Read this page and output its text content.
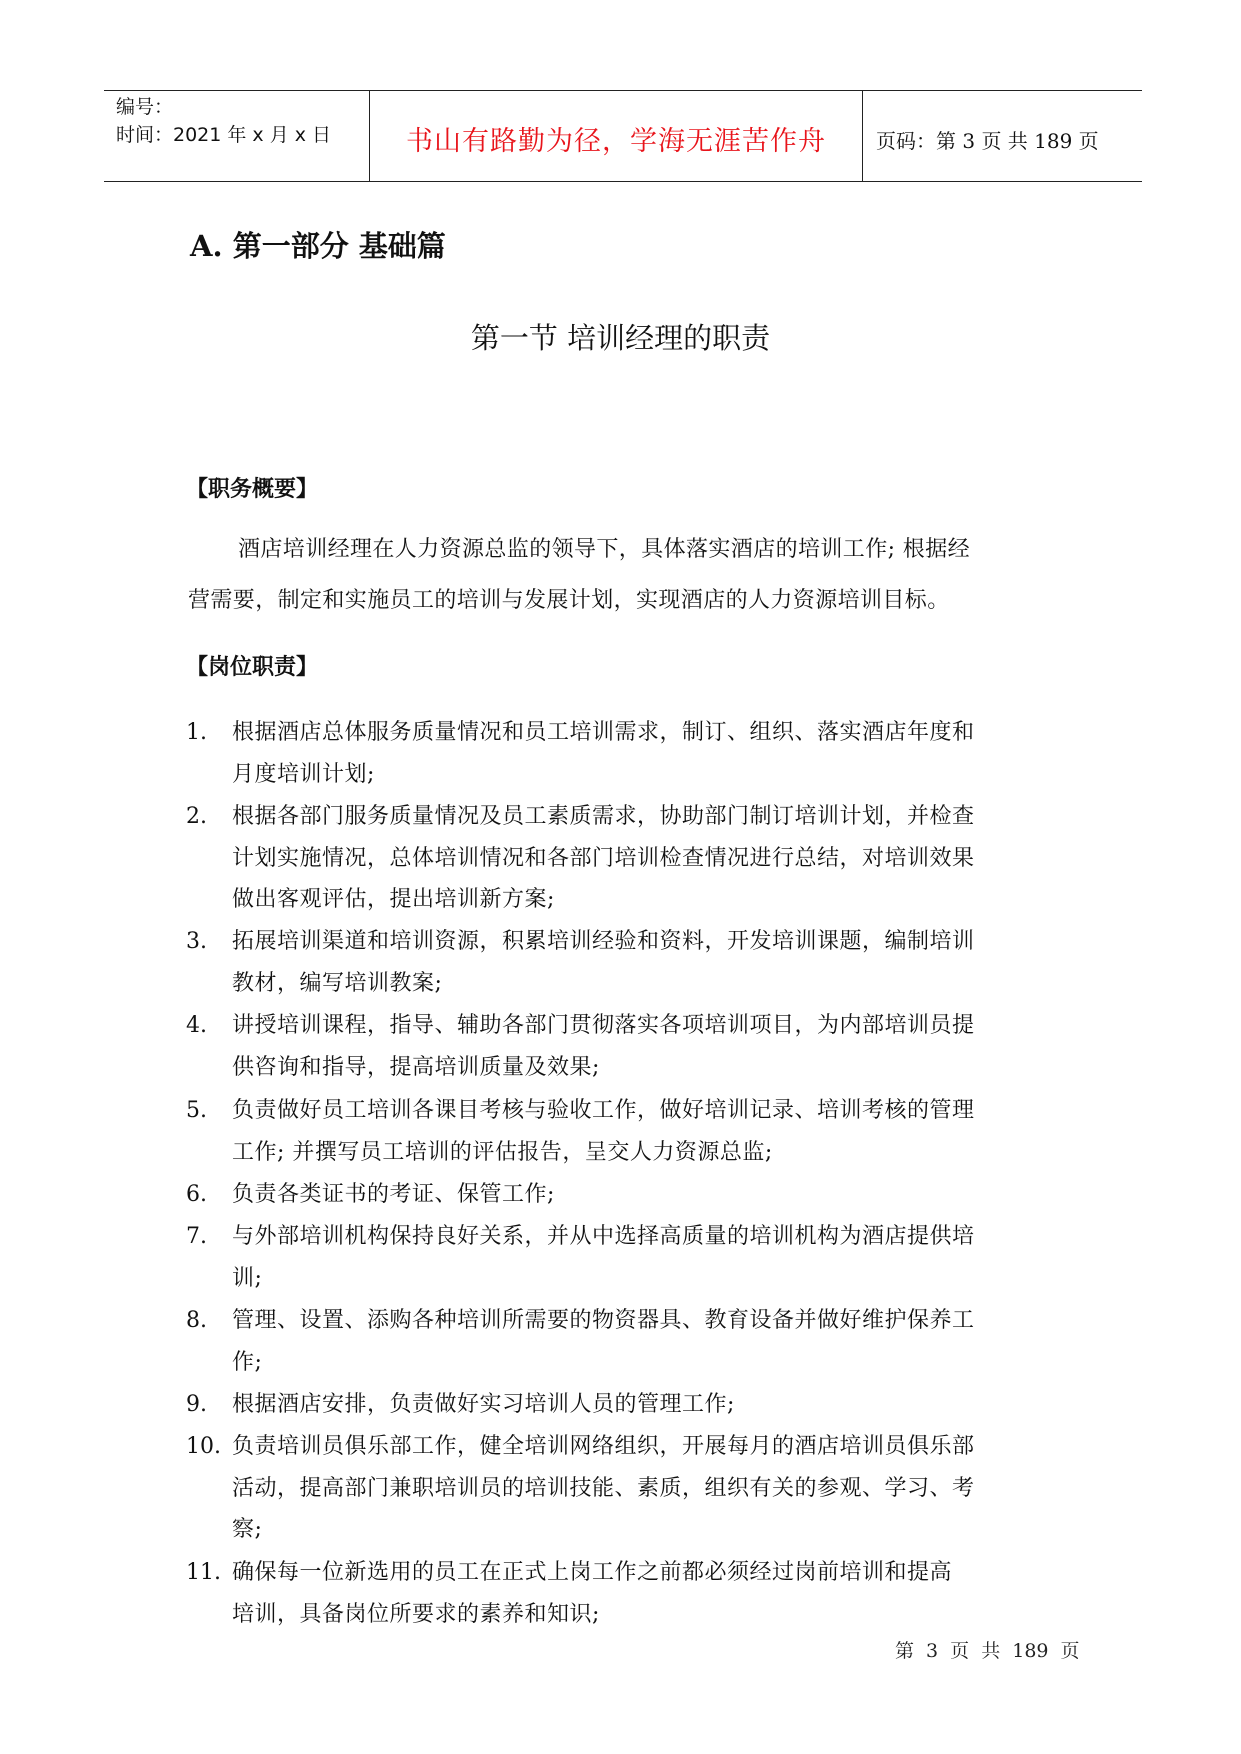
编号：
时间：2021 年 x 月 x 日	书山有路勤为径，学海无涯苦作舟	页码：第 3 页 共 189 页
A. 第一部分 基础篇
第一节 培训经理的职责
【职务概要】
酒店培训经理在人力资源总监的领导下，具体落实酒店的培训工作; 根据经
营需要，制定和实施员工的培训与发展计划，实现酒店的人力资源培训目标。
【岗位职责】
1. 根据酒店总体服务质量情况和员工培训需求，制订、组织、落实酒店年度和
月度培训计划;
2. 根据各部门服务质量情况及员工素质需求，协助部门制订培训计划，并检查
计划实施情况，总体培训情况和各部门培训检查情况进行总结，对培训效果
做出客观评估，提出培训新方案;
3. 拓展培训渠道和培训资源，积累培训经验和资料，开发培训课题，编制培训
教材，编写培训教案;
4. 讲授培训课程，指导、辅助各部门贯彻落实各项培训项目，为内部培训员提
供咨询和指导，提高培训质量及效果;
5. 负责做好员工培训各课目考核与验收工作，做好培训记录、培训考核的管理
工作; 并撰写员工培训的评估报告，呈交人力资源总监;
6. 负责各类证书的考证、保管工作;
7. 与外部培训机构保持良好关系，并从中选择高质量的培训机构为酒店提供培
训;
8. 管理、设置、添购各种培训所需要的物资器具、教育设备并做好维护保养工
作;
9. 根据酒店安排，负责做好实习培训人员的管理工作;
10. 负责培训员俱乐部工作，健全培训网络组织，开展每月的酒店培训员俱乐部
活动，提高部门兼职培训员的培训技能、素质，组织有关的参观、学习、考
察;
11. 确保每一位新选用的员工在正式上岗工作之前都必须经过岗前培训和提高
培训，具备岗位所要求的素养和知识;
第 3 页 共 189 页
